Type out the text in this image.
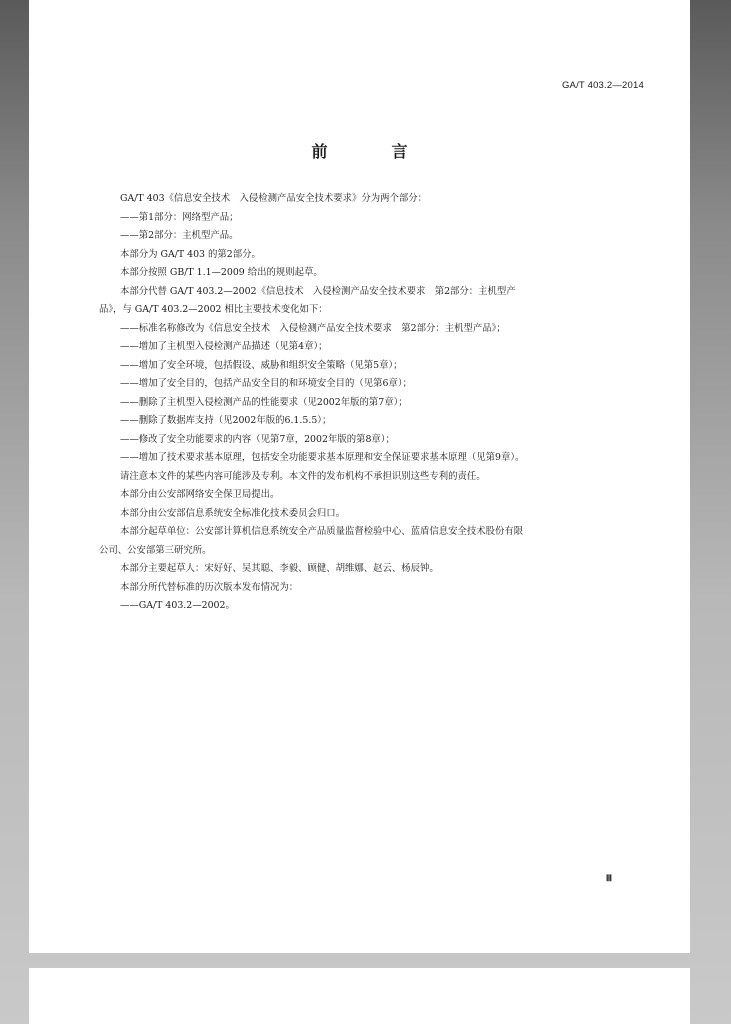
GA/T 403.2—2014
前　言
GA/T 403《信息安全技术　入侵检测产品安全技术要求》分为两个部分：
——第1部分：网络型产品；
——第2部分：主机型产品。
本部分为 GA/T 403 的第2部分。
本部分按照 GB/T 1.1—2009 给出的规则起草。
本部分代替 GA/T 403.2—2002《信息技术　入侵检测产品安全技术要求　第2部分：主机型产
品》，与 GA/T 403.2—2002 相比主要技术变化如下：
——标准名称修改为《信息安全技术　入侵检测产品安全技术要求　第2部分：主机型产品》；
——增加了主机型入侵检测产品描述（见第4章）；
——增加了安全环境，包括假设、威胁和组织安全策略（见第5章）；
——增加了安全目的，包括产品安全目的和环境安全目的（见第6章）；
——删除了主机型入侵检测产品的性能要求（见2002年版的第7章）；
——删除了数据库支持（见2002年版的6.1.5.5）；
——修改了安全功能要求的内容（见第7章，2002年版的第8章）；
——增加了技术要求基本原理，包括安全功能要求基本原理和安全保证要求基本原理（见第9章）。
请注意本文件的某些内容可能涉及专利。本文件的发布机构不承担识别这些专利的责任。
本部分由公安部网络安全保卫局提出。
本部分由公安部信息系统安全标准化技术委员会归口。
本部分起草单位：公安部计算机信息系统安全产品质量监督检验中心、蓝盾信息安全技术股份有限
公司、公安部第三研究所。
本部分主要起草人：宋好好、吴其聪、李毅、顾健、胡维娜、赵云、杨辰钟。
本部分所代替标准的历次版本发布情况为：
——GA/T 403.2—2002。
Ⅲ
